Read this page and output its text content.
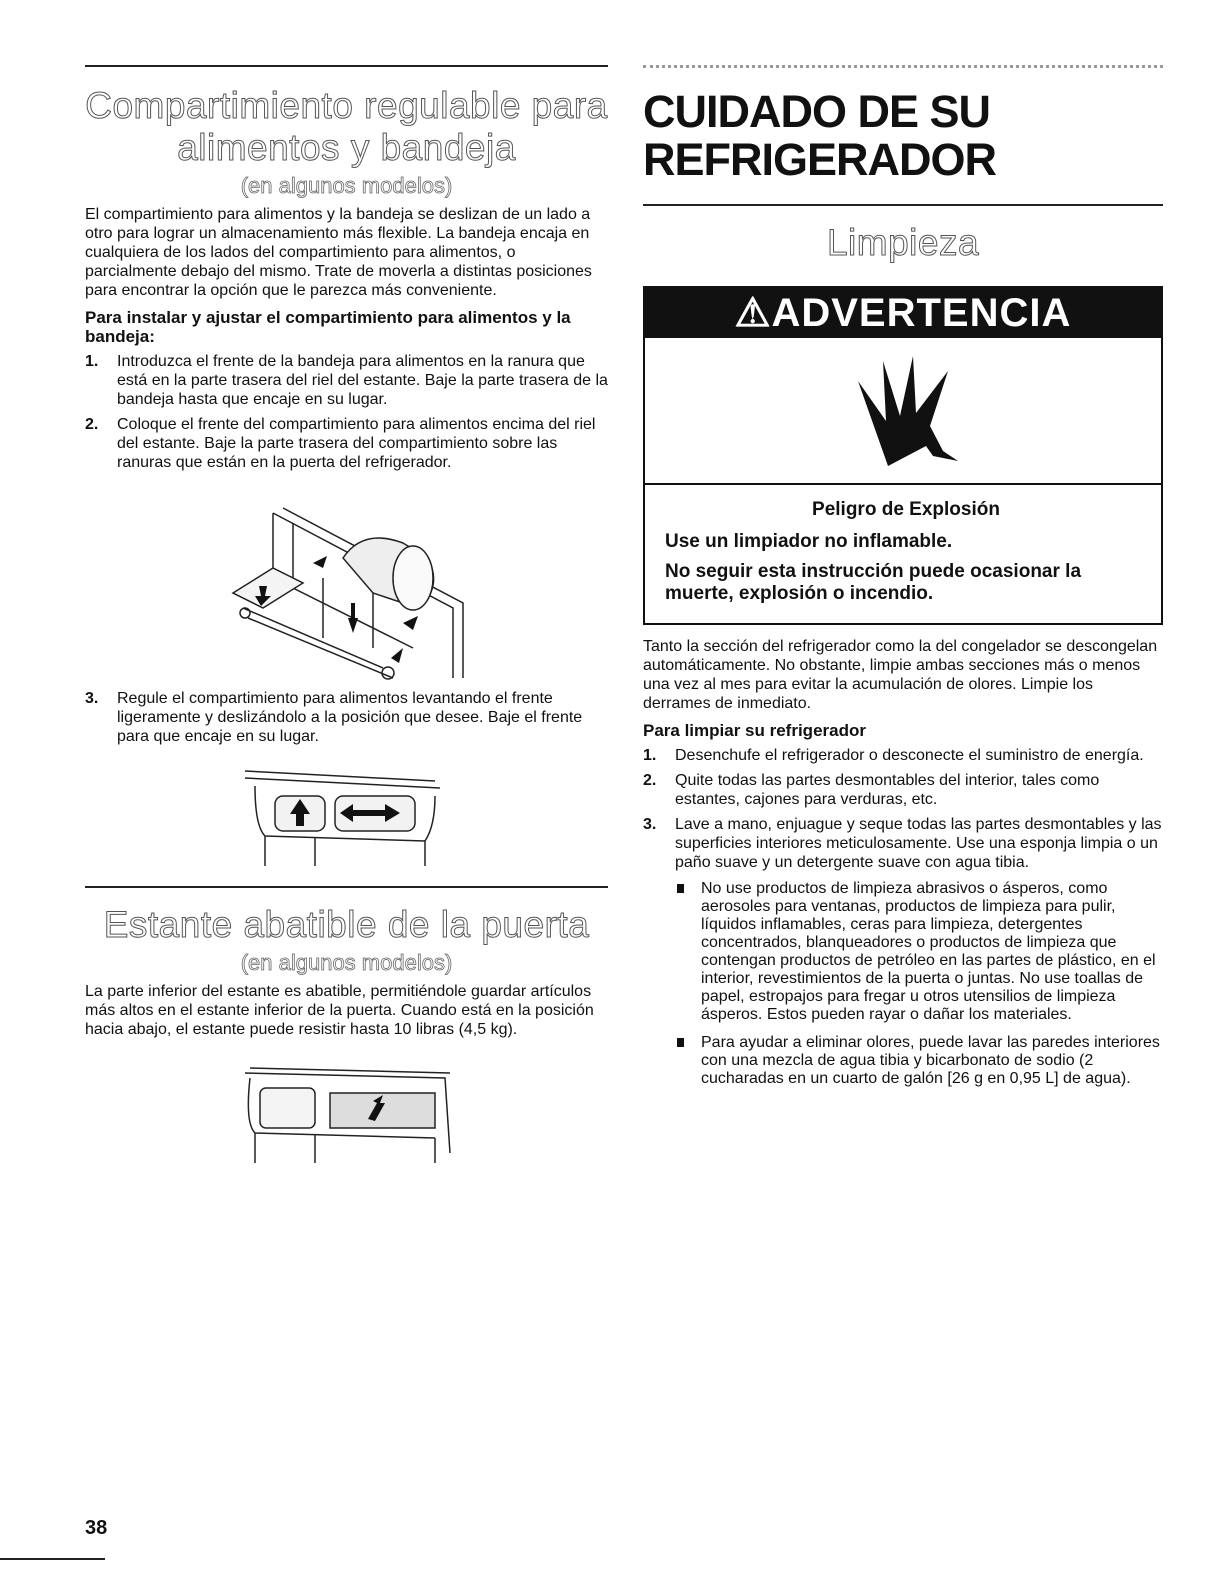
Compartimiento regulable para
alimentos y bandeja
(en algunos modelos)

El compartimiento para alimentos y la bandeja se deslizan de un lado a otro para lograr un almacenamiento más flexible. La bandeja encaja en cualquiera de los lados del compartimiento para alimentos, o parcialmente debajo del mismo. Trate de moverla a distintas posiciones para encontrar la opción que le parezca más conveniente.

Para instalar y ajustar el compartimiento para alimentos y la bandeja:
1. Introduzca el frente de la bandeja para alimentos en la ranura que está en la parte trasera del riel del estante. Baje la parte trasera de la bandeja hasta que encaje en su lugar.
2. Coloque el frente del compartimiento para alimentos encima del riel del estante. Baje la parte trasera del compartimiento sobre las ranuras que están en la puerta del refrigerador.
3. Regule el compartimiento para alimentos levantando el frente ligeramente y deslizándolo a la posición que desee. Baje el frente para que encaje en su lugar.
Estante abatible de la puerta
(en algunos modelos)

La parte inferior del estante es abatible, permitiéndole guardar artículos más altos en el estante inferior de la puerta. Cuando está en la posición hacia abajo, el estante puede resistir hasta 10 libras (4,5 kg).

CUIDADO DE SU
REFRIGERADOR
Limpieza
⚠ADVERTENCIA
Peligro de Explosión
Use un limpiador no inflamable.
No seguir esta instrucción puede ocasionar la muerte, explosión o incendio.

Tanto la sección del refrigerador como la del congelador se descongelan automáticamente. No obstante, limpie ambas secciones más o menos una vez al mes para evitar la acumulación de olores. Limpie los derrames de inmediato.

Para limpiar su refrigerador
1. Desenchufe el refrigerador o desconecte el suministro de energía.
2. Quite todas las partes desmontables del interior, tales como estantes, cajones para verduras, etc.
3. Lave a mano, enjuague y seque todas las partes desmontables y las superficies interiores meticulosamente. Use una esponja limpia o un paño suave y un detergente suave con agua tibia.
No use productos de limpieza abrasivos o ásperos, como aerosoles para ventanas, productos de limpieza para pulir, líquidos inflamables, ceras para limpieza, detergentes concentrados, blanqueadores o productos de limpieza que contengan productos de petróleo en las partes de plástico, en el interior, revestimientos de la puerta o juntas. No use toallas de papel, estropajos para fregar u otros utensilios de limpieza ásperos. Estos pueden rayar o dañar los materiales.
Para ayudar a eliminar olores, puede lavar las paredes interiores con una mezcla de agua tibia y bicarbonato de sodio (2 cucharadas en un cuarto de galón [26 g en 0,95 L] de agua).
38
